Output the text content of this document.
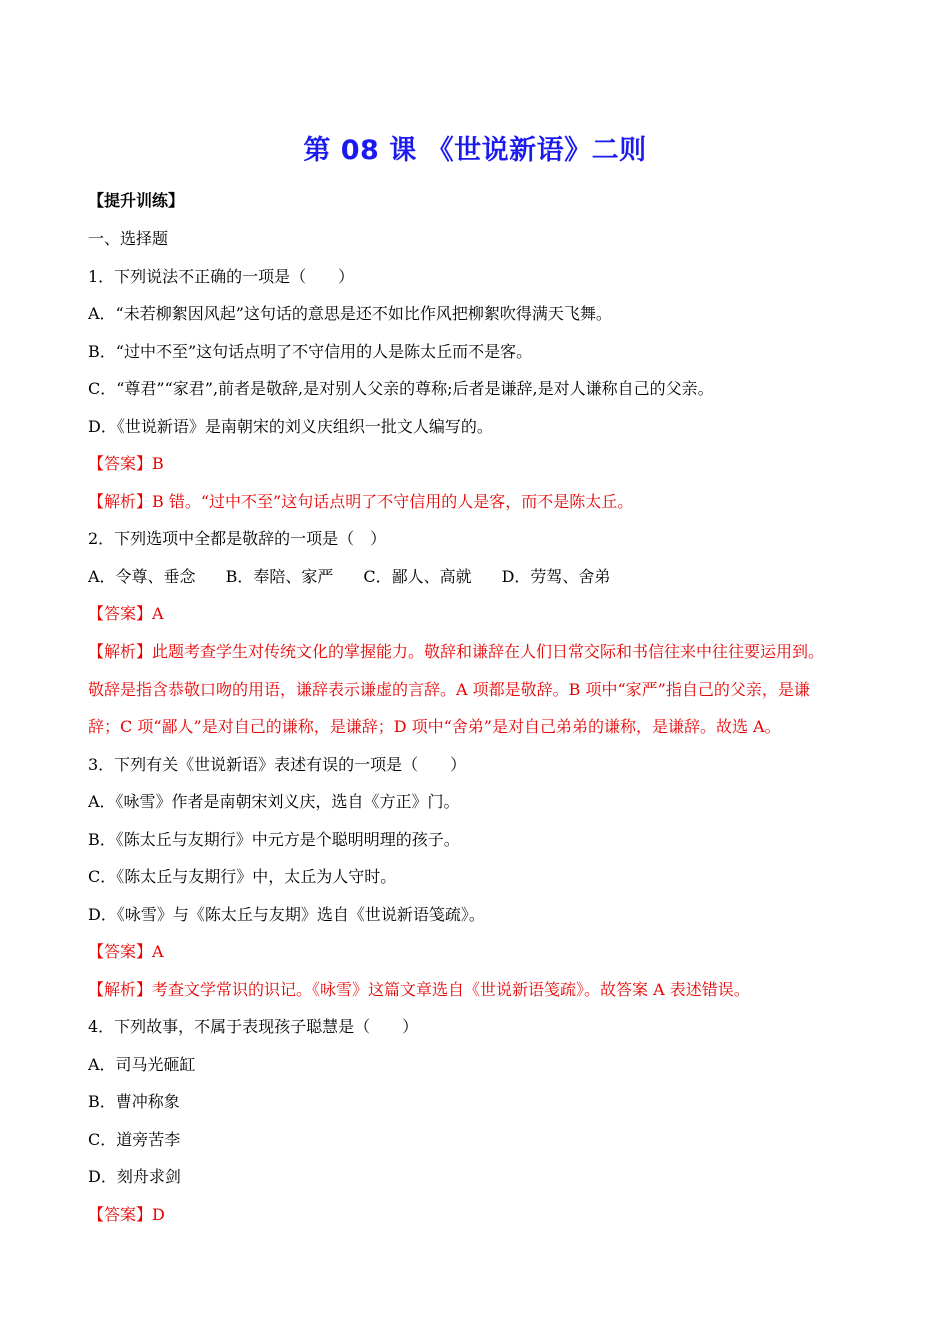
第 08 课 《世说新语》二则
【提升训练】
一、选择题
1．下列说法不正确的一项是（　　）
A．“未若柳絮因风起”这句话的意思是还不如比作风把柳絮吹得满天飞舞。
B．“过中不至”这句话点明了不守信用的人是陈太丘而不是客。
C．“尊君”“家君”,前者是敬辞,是对别人父亲的尊称;后者是谦辞,是对人谦称自己的父亲。
D．《世说新语》是南朝宋的刘义庆组织一批文人编写的。
【答案】B
【解析】B 错。“过中不至”这句话点明了不守信用的人是客，而不是陈太丘。
2．下列选项中全都是敬辞的一项是（　）
A．令尊、垂念 B．奉陪、家严 C．鄙人、高就 D．劳驾、舍弟
【答案】A
【解析】此题考查学生对传统文化的掌握能力。敬辞和谦辞在人们日常交际和书信往来中往往要运用到。
敬辞是指含恭敬口吻的用语，谦辞表示谦虚的言辞。A 项都是敬辞。B 项中“家严”指自己的父亲，是谦
辞；C 项“鄙人”是对自己的谦称，是谦辞；D 项中“舍弟”是对自己弟弟的谦称，是谦辞。故选 A。
3．下列有关《世说新语》表述有误的一项是（　　）
A．《咏雪》作者是南朝宋刘义庆，选自《方正》门。
B．《陈太丘与友期行》中元方是个聪明明理的孩子。
C．《陈太丘与友期行》中，太丘为人守时。
D．《咏雪》与《陈太丘与友期》选自《世说新语笺疏》。
【答案】A
【解析】考查文学常识的识记。《咏雪》这篇文章选自《世说新语笺疏》。故答案 A 表述错误。
4．下列故事，不属于表现孩子聪慧是（　　）
A．司马光砸缸
B．曹冲称象
C．道旁苦李
D．刻舟求剑
【答案】D
